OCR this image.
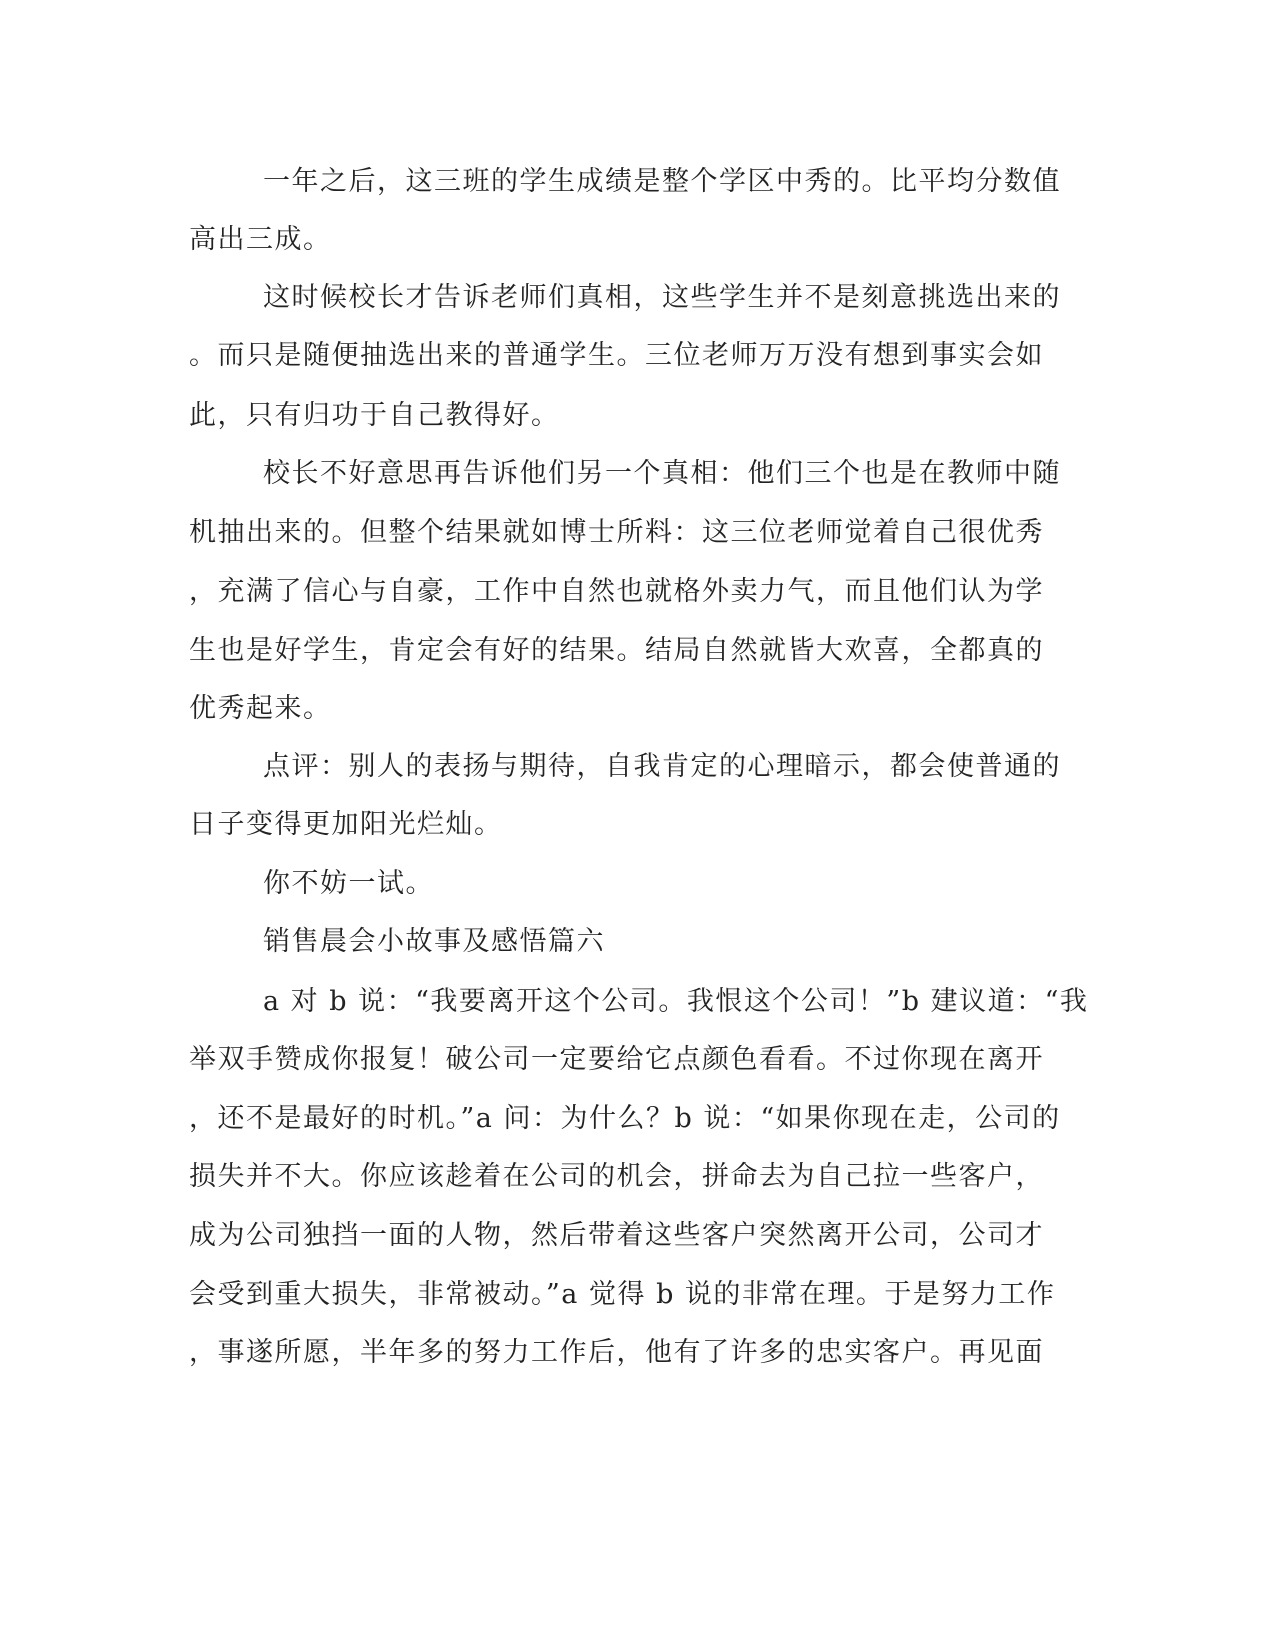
一年之后，这三班的学生成绩是整个学区中秀的。比平均分数值
高出三成。
这时候校长才告诉老师们真相，这些学生并不是刻意挑选出来的
。而只是随便抽选出来的普通学生。三位老师万万没有想到事实会如
此，只有归功于自己教得好。
校长不好意思再告诉他们另一个真相：他们三个也是在教师中随
机抽出来的。但整个结果就如博士所料：这三位老师觉着自己很优秀
，充满了信心与自豪，工作中自然也就格外卖力气，而且他们认为学
生也是好学生，肯定会有好的结果。结局自然就皆大欢喜，全都真的
优秀起来。
点评：别人的表扬与期待，自我肯定的心理暗示，都会使普通的
日子变得更加阳光烂灿。
你不妨一试。
销售晨会小故事及感悟篇六
a 对 b 说：“我要离开这个公司。我恨这个公司！”b 建议道：“我
举双手赞成你报复！破公司一定要给它点颜色看看。不过你现在离开
，还不是最好的时机。”a 问：为什么？b 说：“如果你现在走，公司的
损失并不大。你应该趁着在公司的机会，拼命去为自己拉一些客户，
成为公司独挡一面的人物，然后带着这些客户突然离开公司，公司才
会受到重大损失，非常被动。”a 觉得 b 说的非常在理。于是努力工作
，事遂所愿，半年多的努力工作后，他有了许多的忠实客户。再见面
